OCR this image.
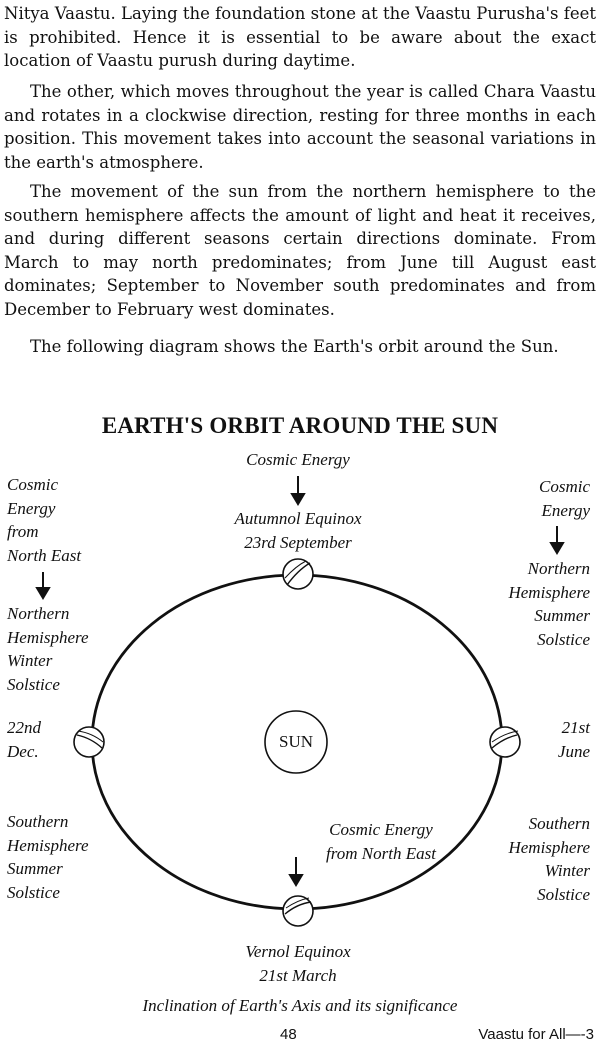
Nitya Vaastu. Laying the foundation stone at the Vaastu Purusha's feet is prohibited. Hence it is essential to be aware about the exact location of Vaastu purush during daytime.

The other, which moves throughout the year is called Chara Vaastu and rotates in a clockwise direction, resting for three months in each position. This movement takes into account the seasonal variations in the earth's atmosphere.

The movement of the sun from the northern hemisphere to the southern hemisphere affects the amount of light and heat it receives, and during different seasons certain directions dominate. From March to may north predominates; from June till August east dominates; September to November south predominates and from December to February west dominates.

The following diagram shows the Earth's orbit around the Sun.

EARTH'S ORBIT AROUND THE SUN
SUN
Cosmic Energy
Autumnol Equinox
23rd September
Cosmic
Energy
from
North East
Northern
Hemisphere
Winter
Solstice
22nd
Dec.
Southern
Hemisphere
Summer
Solstice
Cosmic
Energy
Northern
Hemisphere
Summer
Solstice
21st
June
Southern
Hemisphere
Winter
Solstice
Cosmic Energy
from North East
Vernol Equinox
21st March
Inclination of Earth's Axis and its significance
48	Vaastu for All—-3
